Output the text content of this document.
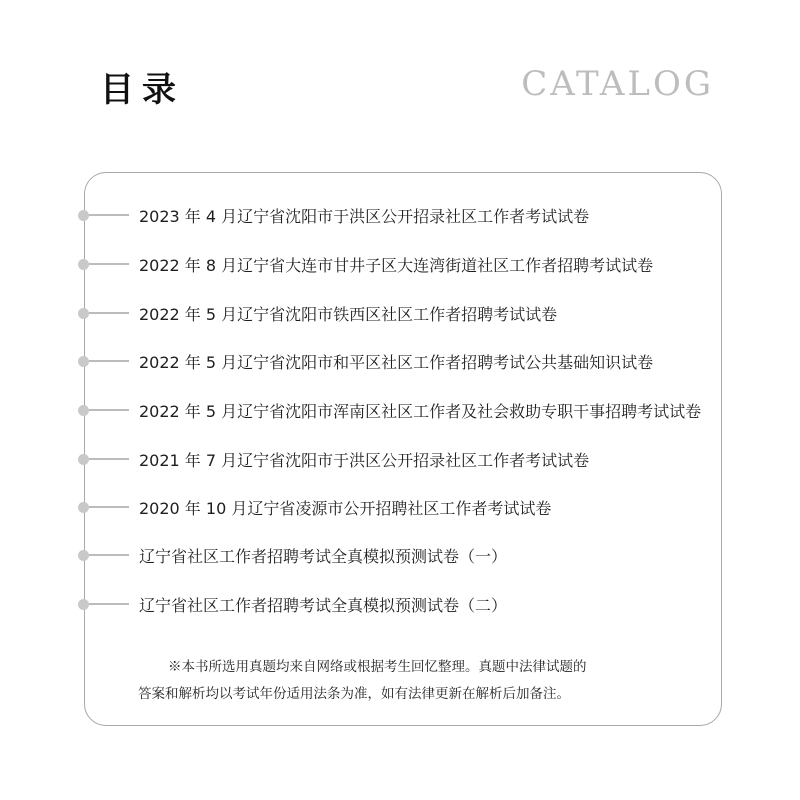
目录	CATALOG
2023 年 4 月辽宁省沈阳市于洪区公开招录社区工作者考试试卷
2022 年 8 月辽宁省大连市甘井子区大连湾街道社区工作者招聘考试试卷
2022 年 5 月辽宁省沈阳市铁西区社区工作者招聘考试试卷
2022 年 5 月辽宁省沈阳市和平区社区工作者招聘考试公共基础知识试卷
2022 年 5 月辽宁省沈阳市浑南区社区工作者及社会救助专职干事招聘考试试卷
2021 年 7 月辽宁省沈阳市于洪区公开招录社区工作者考试试卷
2020 年 10 月辽宁省凌源市公开招聘社区工作者考试试卷
辽宁省社区工作者招聘考试全真模拟预测试卷（一）
辽宁省社区工作者招聘考试全真模拟预测试卷（二）

※本书所选用真题均来自网络或根据考生回忆整理。真题中法律试题的

答案和解析均以考试年份适用法条为准，如有法律更新在解析后加备注。
